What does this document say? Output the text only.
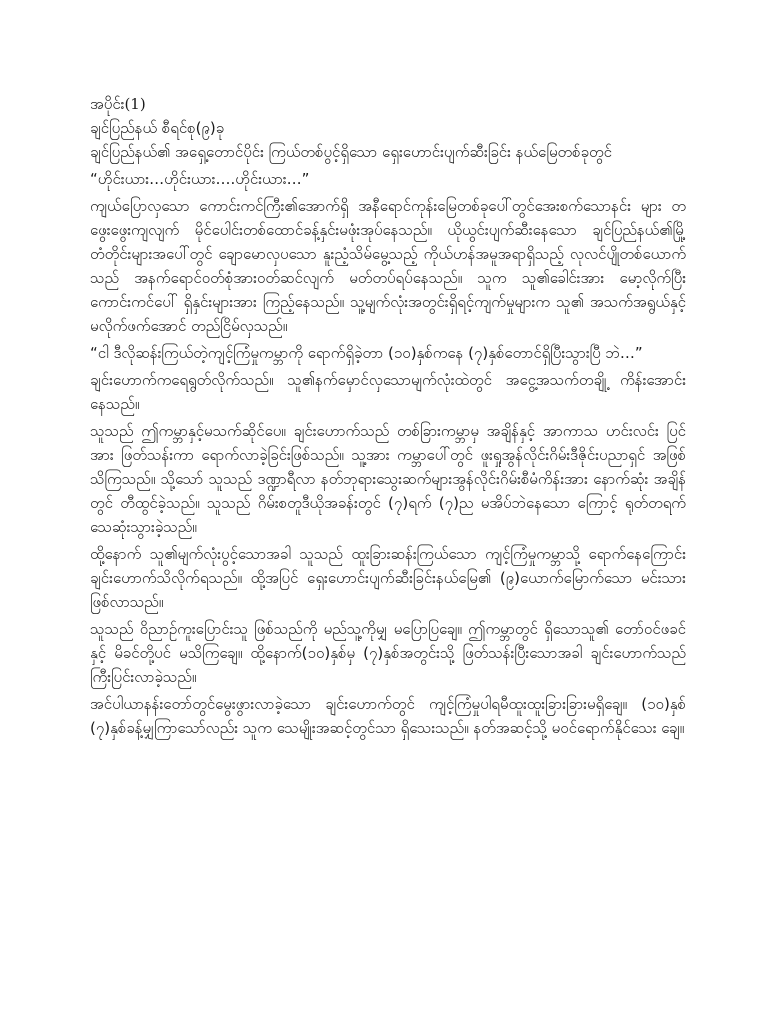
အပိုင်း(1)

ချင်ပြည်နယ် စီရင်စု(၉)ခု

ချင်ပြည်နယ်၏ အရှေ့တောင်ပိုင်း ကြယ်တစ်ပွင့်ရှိသော ရှေးဟောင်းပျက်ဆီးခြင်း နယ်မြေတစ်ခုတွင်

“ဟိုင်းယား…ဟိုင်းယား….ဟိုင်းယား…”

ကျယ်ပြောလှသော ကောင်းကင်ကြီး၏အောက်ရှိ အနီရောင်ကုန်းမြေတစ်ခုပေါ်တွင်အေးစက်သောနင်း များ တဖွေးဖွေးကျလျက် မိုင်ပေါင်းတစ်ထောင်ခန့်နှင်းမဖုံးအုပ်နေသည်။ ယိုယွင်းပျက်ဆီးနေသော ချင်ပြည်နယ်၏မြို့တံတိုင်းများအပေါ်တွင် ချောမောလှပသော နူးညံ့သိမ်မွေ့သည့် ကိုယ်ဟန်အမူအရာရှိသည့် လုလင်ပျိုတစ်ယောက်သည် အနက်ရောင်ဝတ်စုံအားဝတ်ဆင်လျက် မတ်တပ်ရပ်နေသည်။ သူက သူ၏ခေါင်းအား မော့လိုက်ပြီး ကောင်းကင်ပေါ် ရှိနှင်းများအား ကြည့်နေသည်။ သူ့မျက်လုံးအတွင်းရှိရင့်ကျက်မှုများက သူ၏ အသက်အရွယ်နှင့်မလိုက်ဖက်အောင် တည်ငြိမ်လှသည်။

“ငါ ဒီလိုဆန်းကြယ်တဲ့ကျင့်ကြံမှုကမ္ဘာကို ရောက်ရှိခဲ့တာ (၁၀)နှစ်ကနေ (၇)နှစ်တောင်ရှိပြီးသွားပြီ ဘဲ…”

ချင်းဟောက်ကရေရွတ်လိုက်သည်။ သူ၏နက်မှောင်လှသောမျက်လုံးထဲတွင် အငွေ့အသက်တချို့ ကိန်းအောင်းနေသည်။

သူသည် ဤကမ္ဘာနှင့်မသက်ဆိုင်ပေ။ ချင်းဟောက်သည် တစ်ခြားကမ္ဘာမှ အချိန်နှင့် အာကာသ ဟင်းလင်း ပြင်အား ဖြတ်သန်းကာ ရောက်လာခဲ့ခြင်းဖြစ်သည်။ သူ့အား ကမ္ဘာပေါ်တွင် ဖူးရှုအွန်လိုင်းဂိမ်းဒီဇိုင်းပညာရှင် အဖြစ် သိကြသည်။ သို့သော် သူသည် ဒဏ္ဍာရီလာ နတ်ဘုရားသွေးဆက်များအွန်လိုင်းဂိမ်းစီမံကိန်းအား နောက်ဆုံး အချိန်တွင် တီထွင်ခဲ့သည်။ သူသည် ဂိမ်းစတူဒီယိုအခန်းတွင် (၇)ရက် (၇)ည မအိပ်ဘဲနေသော ကြောင့် ရုတ်တရက်သေဆုံးသွားခဲ့သည်။

ထို့နောက် သူ၏မျက်လုံးပွင့်သောအခါ သူသည် ထူးခြားဆန်းကြယ်သော ကျင့်ကြံမှုကမ္ဘာသို့ ရောက်နေကြောင်း ချင်းဟောက်သိလိုက်ရသည်။ ထို့အပြင် ရှေးဟောင်းပျက်ဆီးခြင်းနယ်မြေ၏ (၉)ယောက်မြောက်သော မင်းသား ဖြစ်လာသည်။

သူသည် ဝိညာဉ်ကူးပြောင်းသူ ဖြစ်သည်ကို မည်သူ့ကိုမျှ မပြောပြချေ။ ဤကမ္ဘာတွင် ရှိသောသူ၏ တော်ဝင်ဖခင်နှင့် မိခင်တို့ပင် မသိကြချေ။ ထို့နောက်(၁၀)နှစ်မှ (၇)နှစ်အတွင်းသို့ ဖြတ်သန်းပြီးသောအခါ ချင်းဟောက်သည် ကြီးပြင်းလာခဲ့သည်။

အင်ပါယာနန်းတော်တွင်မွေးဖွားလာခဲ့သော ချင်းဟောက်တွင် ကျင့်ကြံမှုပါရမီထူးထူးခြားခြားမရှိချေ။ (၁၀)နှစ် (၇)နှစ်ခန့်မျှကြာသော်လည်း သူက သေမျိုးအဆင့်တွင်သာ ရှိသေးသည်။ နတ်အဆင့်သို့ မဝင်ရောက်နိုင်သေး ချေ။
